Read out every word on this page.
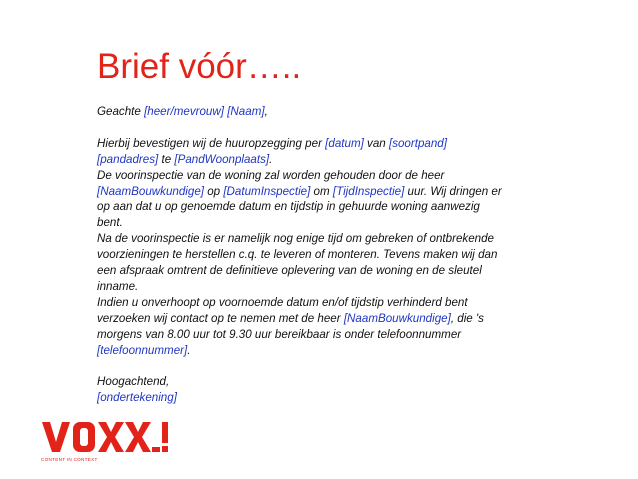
Brief vóór…..

Geachte [heer/mevrouw] [Naam],

Hierbij bevestigen wij de huuropzegging per [datum] van [soortpand]

[pandadres] te [PandWoonplaats].

De voorinspectie van de woning zal worden gehouden door de heer

[NaamBouwkundige] op [DatumInspectie] om [TijdInspectie] uur. Wij dringen er

op aan dat u op genoemde datum en tijdstip in gehuurde woning aanwezig

bent.

Na de voorinspectie is er namelijk nog enige tijd om gebreken of ontbrekende

voorzieningen te herstellen c.q. te leveren of monteren. Tevens maken wij dan

een afspraak omtrent de definitieve oplevering van de woning en de sleutel

inname.

Indien u onverhoopt op voornoemde datum en/of tijdstip verhinderd bent

verzoeken wij contact op te nemen met de heer [NaamBouwkundige], die 's

morgens van 8.00 uur tot 9.30 uur bereikbaar is onder telefoonnummer

[telefoonnummer].

Hoogachtend,

[ondertekening]

CONTENT IN CONTEXT
